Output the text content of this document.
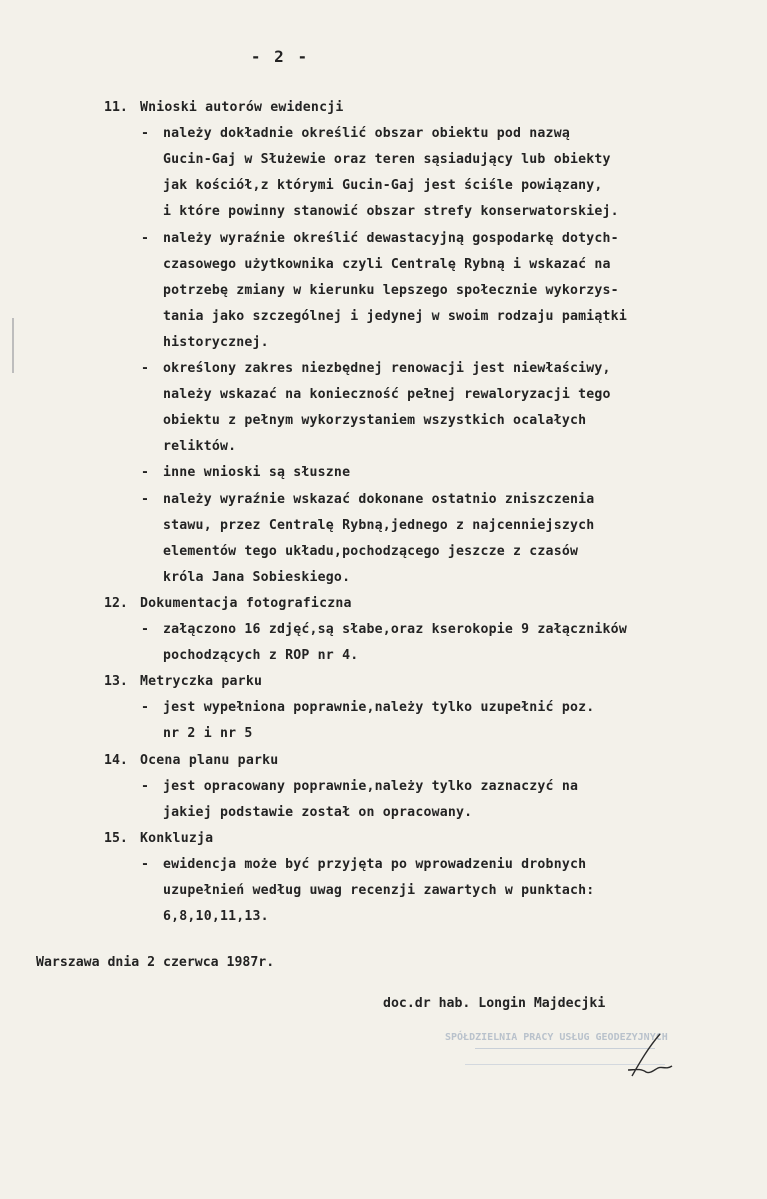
- 2 -
11. Wnioski autorów ewidencji
- należy dokładnie określić obszar obiektu pod nazwą
Gucin-Gaj w Służewie oraz teren sąsiadujący lub obiekty
jak kościół,z którymi Gucin-Gaj jest ściśle powiązany,
i które powinny stanowić obszar strefy konserwatorskiej.
- należy wyraźnie określić dewastacyjną gospodarkę dotych-
czasowego użytkownika czyli Centralę Rybną i wskazać na
potrzebę zmiany w kierunku lepszego społecznie wykorzys-
tania jako szczególnej i jedynej w swoim rodzaju pamiątki
historycznej.
- określony zakres niezbędnej renowacji jest niewłaściwy,
należy wskazać na konieczność pełnej rewaloryzacji tego
obiektu z pełnym wykorzystaniem wszystkich ocalałych
reliktów.
- inne wnioski są słuszne
- należy wyraźnie wskazać dokonane ostatnio zniszczenia
stawu, przez Centralę Rybną,jednego z najcenniejszych
elementów tego układu,pochodzącego jeszcze z czasów
króla Jana Sobieskiego.
12. Dokumentacja fotograficzna
- załączono 16 zdjęć,są słabe,oraz kserokopie 9 załączników
pochodzących z ROP nr 4.
13. Metryczka parku
- jest wypełniona poprawnie,należy tylko uzupełnić poz.
nr 2 i nr 5
14. Ocena planu parku
- jest opracowany poprawnie,należy tylko zaznaczyć na
jakiej podstawie został on opracowany.
15. Konkluzja
- ewidencja może być przyjęta po wprowadzeniu drobnych
uzupełnień według uwag recenzji zawartych w punktach:
6,8,10,11,13.
Warszawa dnia 2 czerwca 1987r.
doc.dr hab. Longin Majdecjki
SPÓŁDZIELNIA PRACY USŁUG GEODEZYJNYCH
